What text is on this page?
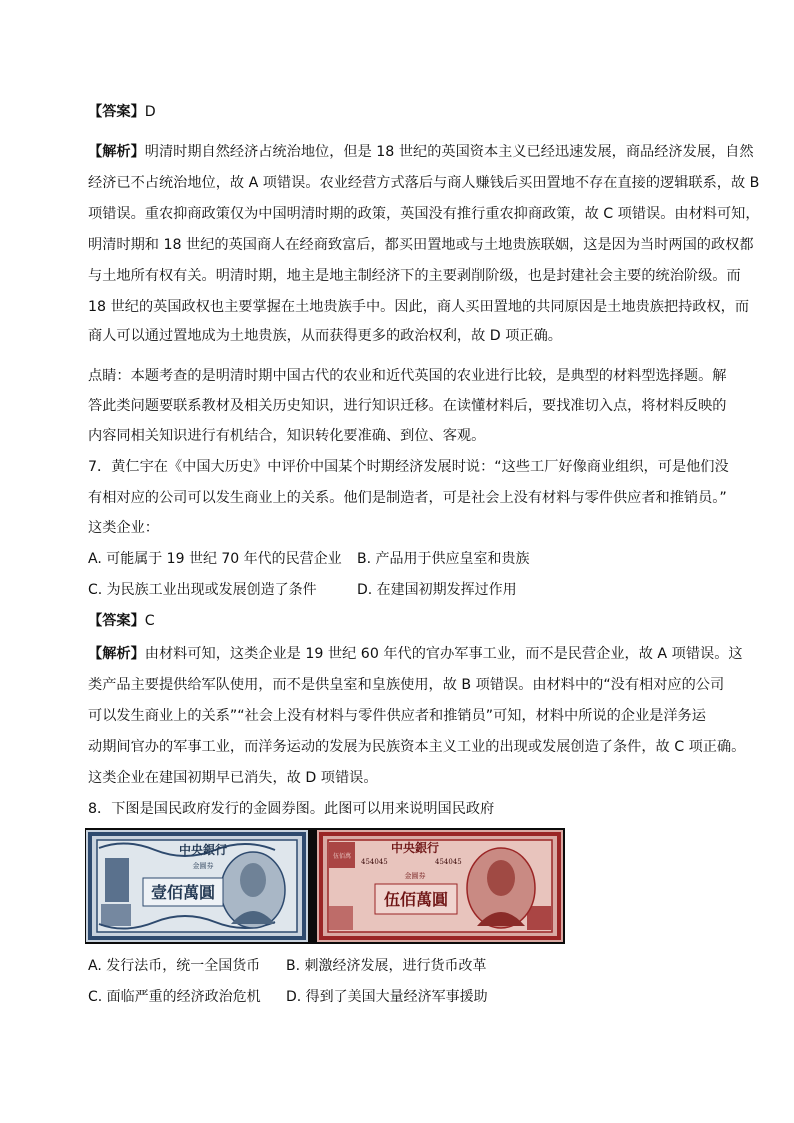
【答案】D
【解析】明清时期自然经济占统治地位，但是 18 世纪的英国资本主义已经迅速发展，商品经济发展，自然
经济已不占统治地位，故 A 项错误。农业经营方式落后与商人赚钱后买田置地不存在直接的逻辑联系，故 B
项错误。重农抑商政策仅为中国明清时期的政策，英国没有推行重农抑商政策，故 C 项错误。由材料可知，
明清时期和 18 世纪的英国商人在经商致富后，都买田置地或与土地贵族联姻，这是因为当时两国的政权都
与土地所有权有关。明清时期，地主是地主制经济下的主要剥削阶级，也是封建社会主要的统治阶级。而
18 世纪的英国政权也主要掌握在土地贵族手中。因此，商人买田置地的共同原因是土地贵族把持政权，而
商人可以通过置地成为土地贵族，从而获得更多的政治权利，故 D 项正确。
点睛：本题考查的是明清时期中国古代的农业和近代英国的农业进行比较，是典型的材料型选择题。解
答此类问题要联系教材及相关历史知识，进行知识迁移。在读懂材料后，要找准切入点，将材料反映的
内容同相关知识进行有机结合，知识转化要准确、到位、客观。
7．黄仁宇在《中国大历史》中评价中国某个时期经济发展时说：“这些工厂好像商业组织，可是他们没
有相对应的公司可以发生商业上的关系。他们是制造者，可是社会上没有材料与零件供应者和推销员。”
这类企业：
A. 可能属于 19 世纪 70 年代的民营企业 B. 产品用于供应皇室和贵族
C. 为民族工业出现或发展创造了条件	D. 在建国初期发挥过作用
【答案】C
【解析】由材料可知，这类企业是 19 世纪 60 年代的官办军事工业，而不是民营企业，故 A 项错误。这
类产品主要提供给军队使用，而不是供皇室和皇族使用，故 B 项错误。由材料中的“没有相对应的公司
可以发生商业上的关系”“社会上没有材料与零件供应者和推销员”可知，材料中所说的企业是洋务运
动期间官办的军事工业，而洋务运动的发展为民族资本主义工业的出现或发展创造了条件，故 C 项正确。
这类企业在建国初期早已消失，故 D 项错误。
8．下图是国民政府发行的金圆券图。此图可以用来说明国民政府
中央銀行
金圓券
壹佰萬圓
中央銀行
454045	454045
金圓券
伍佰萬圓
伍佰萬
A. 发行法币，统一全国货币 B. 刺激经济发展，进行货币改革
C. 面临严重的经济政治危机 D. 得到了美国大量经济军事援助
